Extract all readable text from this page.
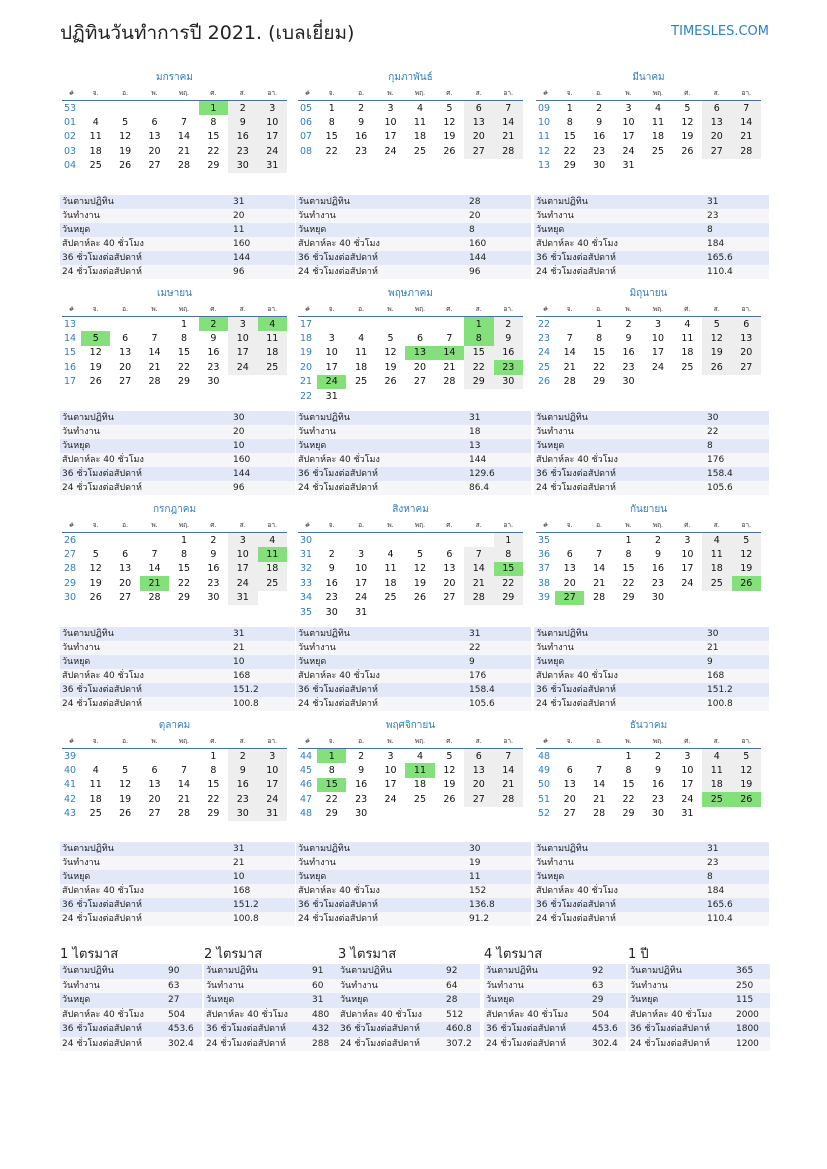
ปฏิทินวันทำการปี 2021. (เบลเยี่ยม)	TIMESLES.COM
มกราคม
#	จ.	อ.	พ.	พฤ.	ศ.	ส.	อา.
53					1	2	3
01	4	5	6	7	8	9	10
02	11	12	13	14	15	16	17
03	18	19	20	21	22	23	24
04	25	26	27	28	29	30	31
วันตามปฏิทิน	31
วันทำงาน	20
วันหยุด	11
สัปดาห์ละ 40 ชั่วโมง	160
36 ชั่วโมงต่อสัปดาห์	144
24 ชั่วโมงต่อสัปดาห์	96
กุมภาพันธ์
#	จ.	อ.	พ.	พฤ.	ศ.	ส.	อา.
05	1	2	3	4	5	6	7
06	8	9	10	11	12	13	14
07	15	16	17	18	19	20	21
08	22	23	24	25	26	27	28
วันตามปฏิทิน	28
วันทำงาน	20
วันหยุด	8
สัปดาห์ละ 40 ชั่วโมง	160
36 ชั่วโมงต่อสัปดาห์	144
24 ชั่วโมงต่อสัปดาห์	96
มีนาคม
#	จ.	อ.	พ.	พฤ.	ศ.	ส.	อา.
09	1	2	3	4	5	6	7
10	8	9	10	11	12	13	14
11	15	16	17	18	19	20	21
12	22	23	24	25	26	27	28
13	29	30	31				
วันตามปฏิทิน	31
วันทำงาน	23
วันหยุด	8
สัปดาห์ละ 40 ชั่วโมง	184
36 ชั่วโมงต่อสัปดาห์	165.6
24 ชั่วโมงต่อสัปดาห์	110.4
เมษายน
#	จ.	อ.	พ.	พฤ.	ศ.	ส.	อา.
13				1	2	3	4
14	5	6	7	8	9	10	11
15	12	13	14	15	16	17	18
16	19	20	21	22	23	24	25
17	26	27	28	29	30		
วันตามปฏิทิน	30
วันทำงาน	20
วันหยุด	10
สัปดาห์ละ 40 ชั่วโมง	160
36 ชั่วโมงต่อสัปดาห์	144
24 ชั่วโมงต่อสัปดาห์	96
พฤษภาคม
#	จ.	อ.	พ.	พฤ.	ศ.	ส.	อา.
17						1	2
18	3	4	5	6	7	8	9
19	10	11	12	13	14	15	16
20	17	18	19	20	21	22	23
21	24	25	26	27	28	29	30
22	31						
วันตามปฏิทิน	31
วันทำงาน	18
วันหยุด	13
สัปดาห์ละ 40 ชั่วโมง	144
36 ชั่วโมงต่อสัปดาห์	129.6
24 ชั่วโมงต่อสัปดาห์	86.4
มิถุนายน
#	จ.	อ.	พ.	พฤ.	ศ.	ส.	อา.
22		1	2	3	4	5	6
23	7	8	9	10	11	12	13
24	14	15	16	17	18	19	20
25	21	22	23	24	25	26	27
26	28	29	30				
วันตามปฏิทิน	30
วันทำงาน	22
วันหยุด	8
สัปดาห์ละ 40 ชั่วโมง	176
36 ชั่วโมงต่อสัปดาห์	158.4
24 ชั่วโมงต่อสัปดาห์	105.6
กรกฎาคม
#	จ.	อ.	พ.	พฤ.	ศ.	ส.	อา.
26				1	2	3	4
27	5	6	7	8	9	10	11
28	12	13	14	15	16	17	18
29	19	20	21	22	23	24	25
30	26	27	28	29	30	31	
วันตามปฏิทิน	31
วันทำงาน	21
วันหยุด	10
สัปดาห์ละ 40 ชั่วโมง	168
36 ชั่วโมงต่อสัปดาห์	151.2
24 ชั่วโมงต่อสัปดาห์	100.8
สิงหาคม
#	จ.	อ.	พ.	พฤ.	ศ.	ส.	อา.
30							1
31	2	3	4	5	6	7	8
32	9	10	11	12	13	14	15
33	16	17	18	19	20	21	22
34	23	24	25	26	27	28	29
35	30	31					
วันตามปฏิทิน	31
วันทำงาน	22
วันหยุด	9
สัปดาห์ละ 40 ชั่วโมง	176
36 ชั่วโมงต่อสัปดาห์	158.4
24 ชั่วโมงต่อสัปดาห์	105.6
กันยายน
#	จ.	อ.	พ.	พฤ.	ศ.	ส.	อา.
35			1	2	3	4	5
36	6	7	8	9	10	11	12
37	13	14	15	16	17	18	19
38	20	21	22	23	24	25	26
39	27	28	29	30			
วันตามปฏิทิน	30
วันทำงาน	21
วันหยุด	9
สัปดาห์ละ 40 ชั่วโมง	168
36 ชั่วโมงต่อสัปดาห์	151.2
24 ชั่วโมงต่อสัปดาห์	100.8
ตุลาคม
#	จ.	อ.	พ.	พฤ.	ศ.	ส.	อา.
39					1	2	3
40	4	5	6	7	8	9	10
41	11	12	13	14	15	16	17
42	18	19	20	21	22	23	24
43	25	26	27	28	29	30	31
วันตามปฏิทิน	31
วันทำงาน	21
วันหยุด	10
สัปดาห์ละ 40 ชั่วโมง	168
36 ชั่วโมงต่อสัปดาห์	151.2
24 ชั่วโมงต่อสัปดาห์	100.8
พฤศจิกายน
#	จ.	อ.	พ.	พฤ.	ศ.	ส.	อา.
44	1	2	3	4	5	6	7
45	8	9	10	11	12	13	14
46	15	16	17	18	19	20	21
47	22	23	24	25	26	27	28
48	29	30					
วันตามปฏิทิน	30
วันทำงาน	19
วันหยุด	11
สัปดาห์ละ 40 ชั่วโมง	152
36 ชั่วโมงต่อสัปดาห์	136.8
24 ชั่วโมงต่อสัปดาห์	91.2
ธันวาคม
#	จ.	อ.	พ.	พฤ.	ศ.	ส.	อา.
48			1	2	3	4	5
49	6	7	8	9	10	11	12
50	13	14	15	16	17	18	19
51	20	21	22	23	24	25	26
52	27	28	29	30	31		
วันตามปฏิทิน	31
วันทำงาน	23
วันหยุด	8
สัปดาห์ละ 40 ชั่วโมง	184
36 ชั่วโมงต่อสัปดาห์	165.6
24 ชั่วโมงต่อสัปดาห์	110.4
1 ไตรมาส
วันตามปฏิทิน	90
วันทำงาน	63
วันหยุด	27
สัปดาห์ละ 40 ชั่วโมง	504
36 ชั่วโมงต่อสัปดาห์	453.6
24 ชั่วโมงต่อสัปดาห์	302.4
2 ไตรมาส
วันตามปฏิทิน	91
วันทำงาน	60
วันหยุด	31
สัปดาห์ละ 40 ชั่วโมง	480
36 ชั่วโมงต่อสัปดาห์	432
24 ชั่วโมงต่อสัปดาห์	288
3 ไตรมาส
วันตามปฏิทิน	92
วันทำงาน	64
วันหยุด	28
สัปดาห์ละ 40 ชั่วโมง	512
36 ชั่วโมงต่อสัปดาห์	460.8
24 ชั่วโมงต่อสัปดาห์	307.2
4 ไตรมาส
วันตามปฏิทิน	92
วันทำงาน	63
วันหยุด	29
สัปดาห์ละ 40 ชั่วโมง	504
36 ชั่วโมงต่อสัปดาห์	453.6
24 ชั่วโมงต่อสัปดาห์	302.4
1 ปี
วันตามปฏิทิน	365
วันทำงาน	250
วันหยุด	115
สัปดาห์ละ 40 ชั่วโมง	2000
36 ชั่วโมงต่อสัปดาห์	1800
24 ชั่วโมงต่อสัปดาห์	1200
